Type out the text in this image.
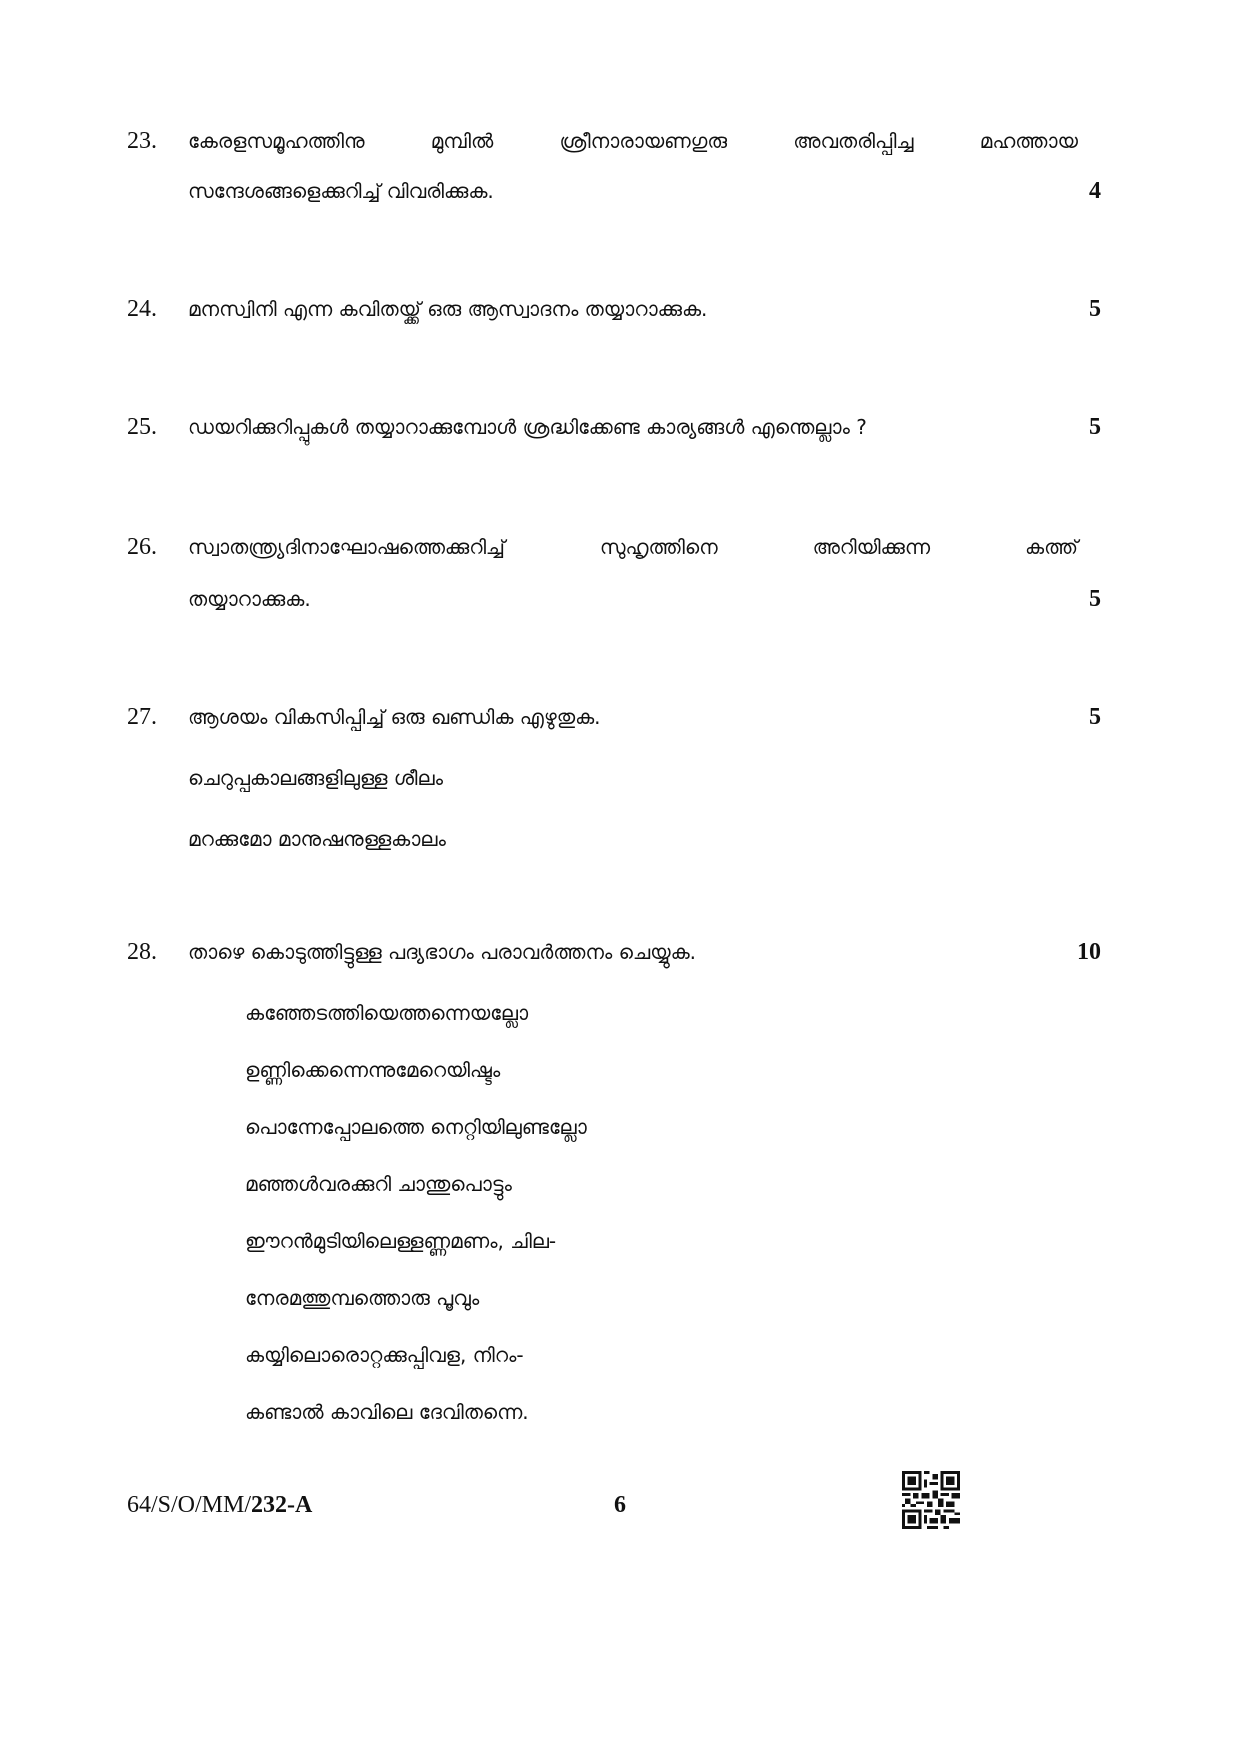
23. കേരളസമൂഹത്തിനു	മുമ്പിൽ	ശ്രീനാരായണഗുരു	അവതരിപ്പിച്ച	മഹത്തായ
സന്ദേശങ്ങളെക്കുറിച്ച് വിവരിക്കുക.	4
24. മനസ്വിനി എന്ന കവിതയ്ക്ക് ഒരു ആസ്വാദനം തയ്യാറാക്കുക.	5
25. ഡയറിക്കുറിപ്പുകൾ തയ്യാറാക്കുമ്പോൾ ശ്രദ്ധിക്കേണ്ട കാര്യങ്ങൾ എന്തെല്ലാം ?	5
26. സ്വാതന്ത്ര്യദിനാഘോഷത്തെക്കുറിച്ച്	സുഹൃത്തിനെ	അറിയിക്കുന്ന	കത്ത്
തയ്യാറാക്കുക.	5
27. ആശയം വികസിപ്പിച്ച് ഒരു ഖണ്ഡിക എഴുതുക.	5
ചെറുപ്പകാലങ്ങളിലുള്ള ശീലം
മറക്കുമോ മാനുഷനുള്ളകാലം
28. താഴെ കൊടുത്തിട്ടുള്ള പദ്യഭാഗം പരാവർത്തനം ചെയ്യുക.	10
കഞ്ഞേടത്തിയെത്തന്നെയല്ലോ
ഉണ്ണിക്കെന്നെന്നുമേറെയിഷ്ടം
പൊന്നേപ്പോലത്തെ നെറ്റിയിലുണ്ടല്ലോ
മഞ്ഞൾവരക്കുറി ചാന്തുപൊട്ടും
ഈറൻമുടിയിലെള്ളണ്ണമണം, ചില-
നേരമത്തുമ്പത്തൊരു പൂവും
കയ്യിലൊരൊറ്റക്കുപ്പിവള, നിറം-
കണ്ടാൽ കാവിലെ ദേവിതന്നെ.
64/S/O/MM/232-A	6
